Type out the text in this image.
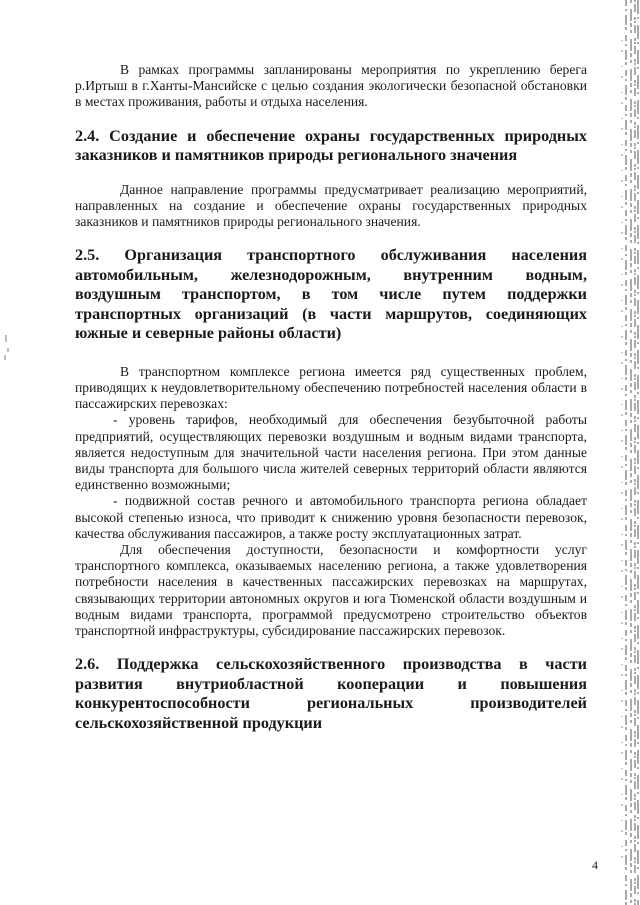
В рамках программы запланированы мероприятия по укреплению берега р.Иртыш в г.Ханты-Мансийске с целью создания экологически безопасной обстановки в местах проживания, работы и отдыха населения.

2.4. Создание и обеспечение охраны государственных природных заказников и памятников природы регионального значения

Данное направление программы предусматривает реализацию мероприятий, направленных на создание и обеспечение охраны государственных природных заказников и памятников природы регионального значения.

2.5. Организация транспортного обслуживания населения автомобильным, железнодорожным, внутренним водным, воздушным транспортом, в том числе путем поддержки транспортных организаций (в части маршрутов, соединяющих южные и северные районы области)

В транспортном комплексе региона имеется ряд существенных проблем, приводящих к неудовлетворительному обеспечению потребностей населения области в пассажирских перевозках:

- уровень тарифов, необходимый для обеспечения безубыточной работы предприятий, осуществляющих перевозки воздушным и водным видами транспорта, является недоступным для значительной части населения региона. При этом данные виды транспорта для большого числа жителей северных территорий области являются единственно возможными;

- подвижной состав речного и автомобильного транспорта региона обладает высокой степенью износа, что приводит к снижению уровня безопасности перевозок, качества обслуживания пассажиров, а также росту эксплуатационных затрат.

Для обеспечения доступности, безопасности и комфортности услуг транспортного комплекса, оказываемых населению региона, а также удовлетворения потребности населения в качественных пассажирских перевозках на маршрутах, связывающих территории автономных округов и юга Тюменской области воздушным и водным видами транспорта, программой предусмотрено строительство объектов транспортной инфраструктуры, субсидирование пассажирских перевозок.

2.6. Поддержка сельскохозяйственного производства в части развития внутриобластной кооперации и повышения конкурентоспособности региональных производителей сельскохозяйственной продукции
4
